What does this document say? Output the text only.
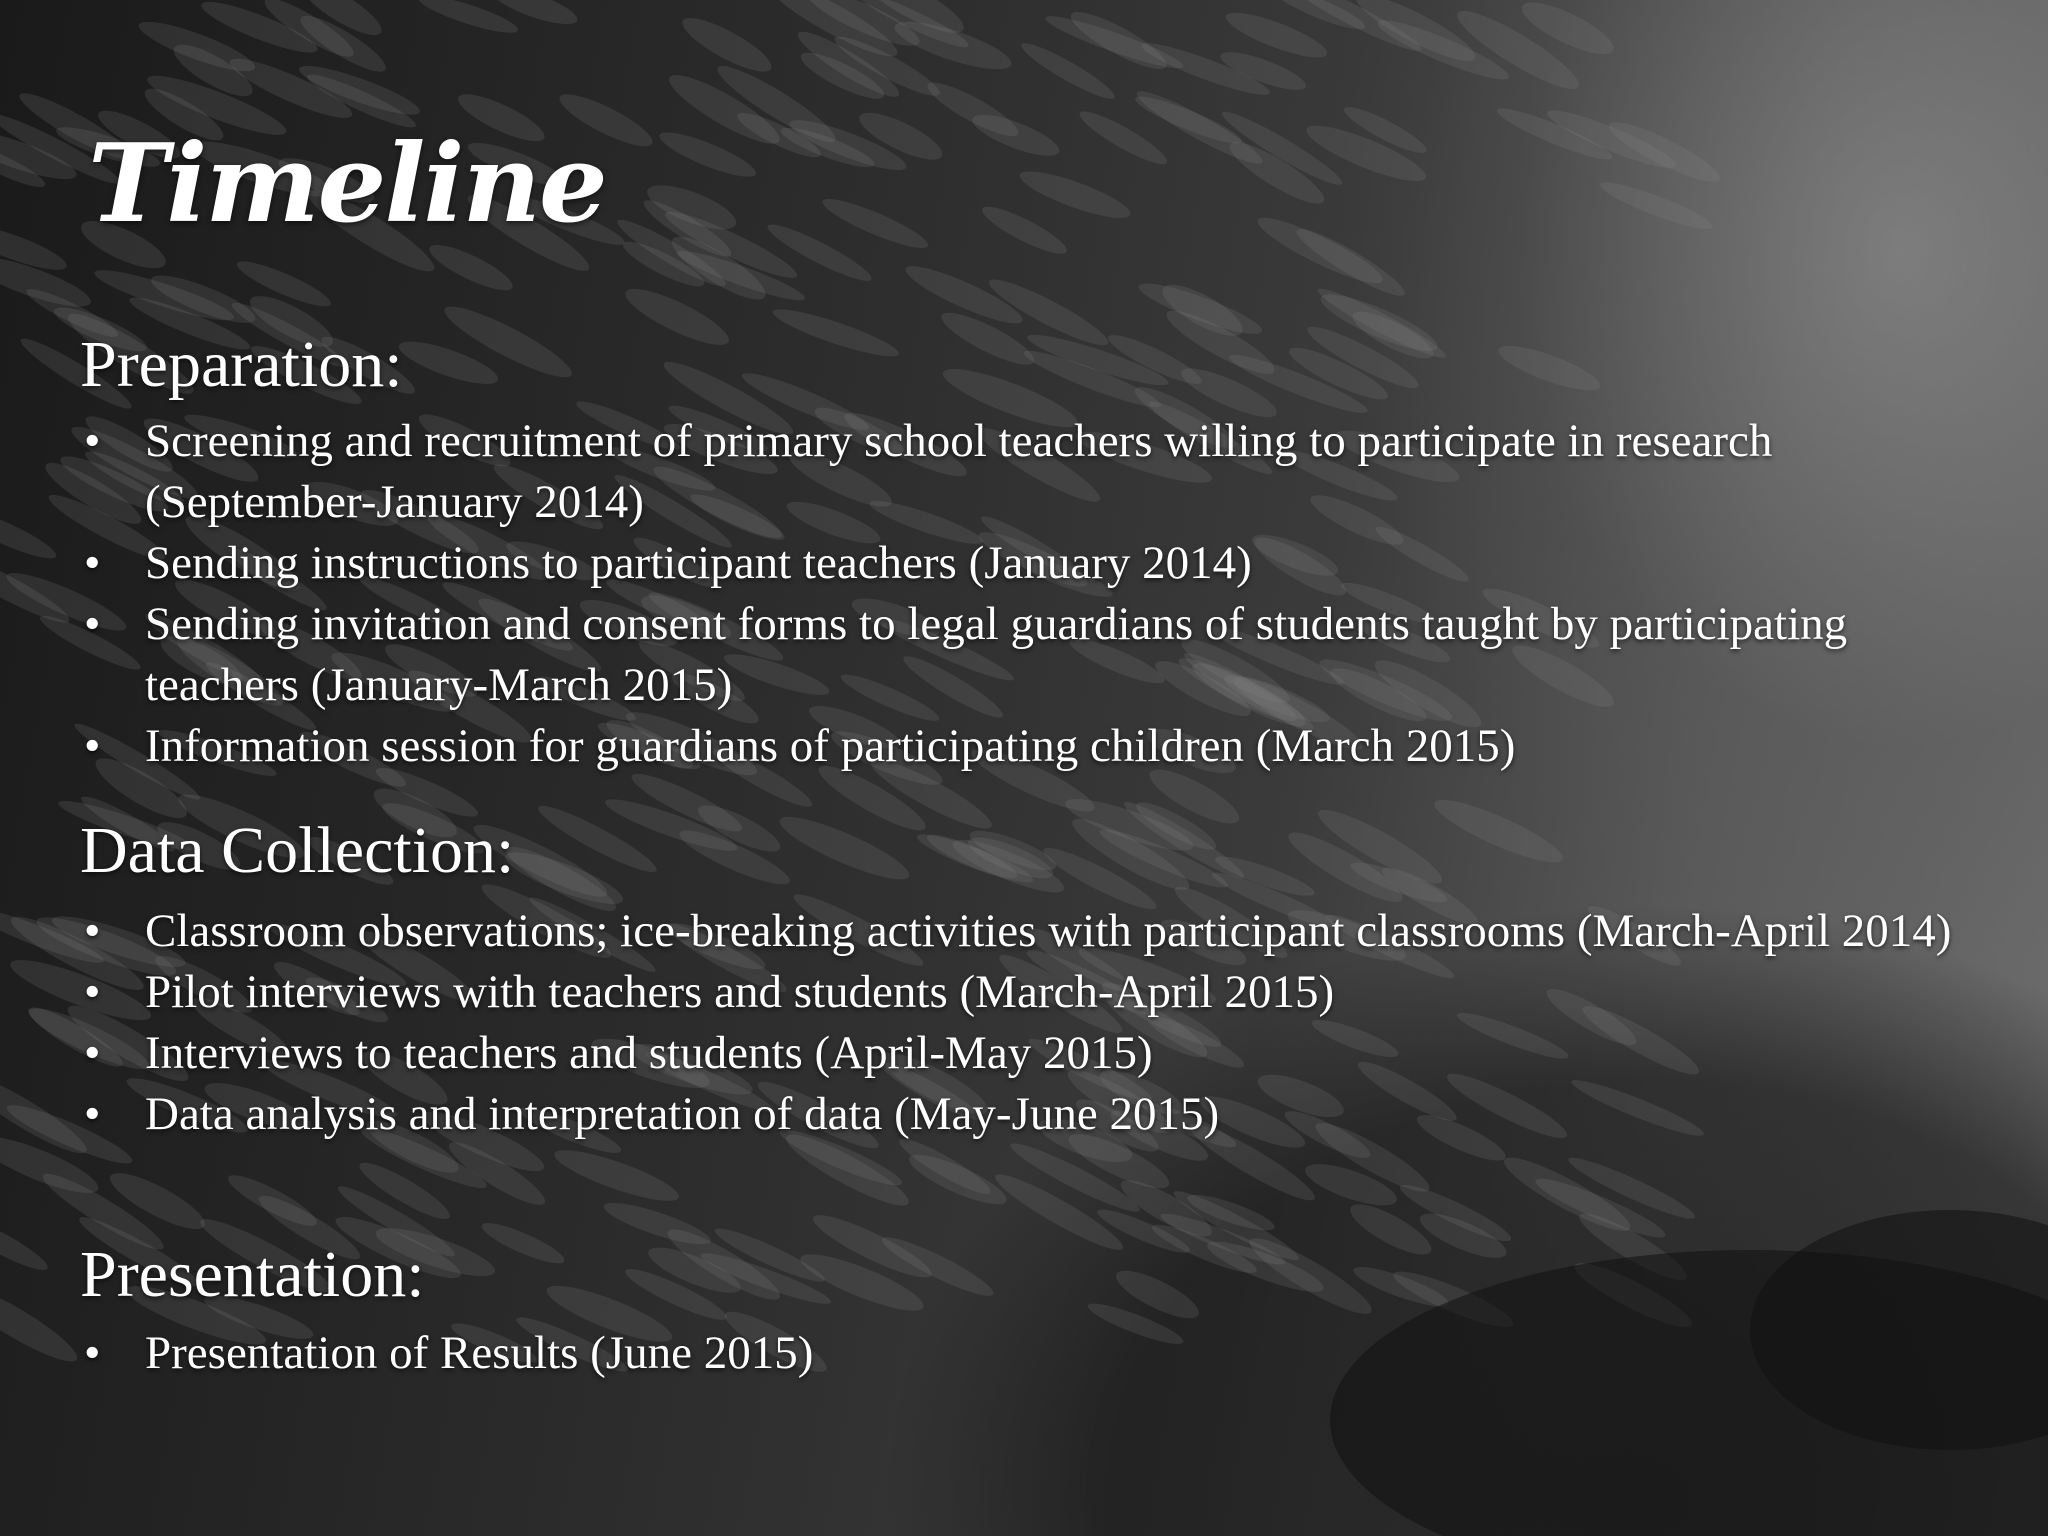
Timeline
Preparation:
• Screening and recruitment of primary school teachers willing to participate in research (September-January 2014)
• Sending instructions to participant teachers (January 2014)
• Sending invitation and consent forms to legal guardians of students taught by participating teachers (January-March 2015)
• Information session for guardians of participating children (March 2015)
Data Collection:
• Classroom observations; ice-breaking activities with participant classrooms (March-April 2014)
• Pilot interviews with teachers and students (March-April 2015)
• Interviews to teachers and students (April-May 2015)
• Data analysis and interpretation of data (May-June 2015)
Presentation:
• Presentation of Results (June 2015)
